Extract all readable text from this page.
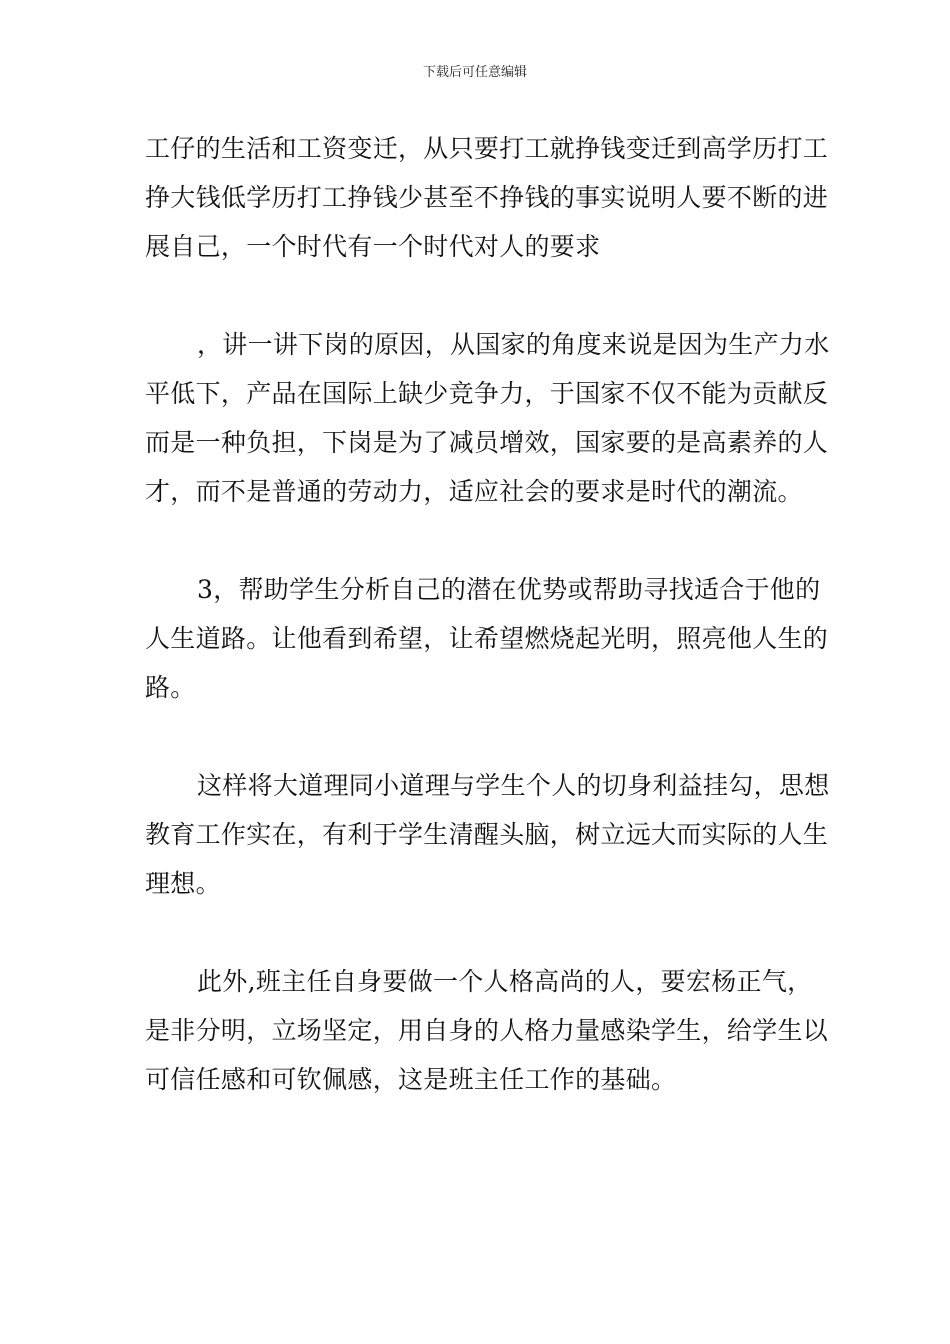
下载后可任意编辑

工仔的生活和工资变迁，从只要打工就挣钱变迁到高学历打工挣大钱低学历打工挣钱少甚至不挣钱的事实说明人要不断的进展自己，一个时代有一个时代对人的要求

，讲一讲下岗的原因，从国家的角度来说是因为生产力水平低下，产品在国际上缺少竞争力，于国家不仅不能为贡献反而是一种负担，下岗是为了减员增效，国家要的是高素养的人才，而不是普通的劳动力，适应社会的要求是时代的潮流。

3，帮助学生分析自己的潜在优势或帮助寻找适合于他的人生道路。让他看到希望，让希望燃烧起光明，照亮他人生的路。

这样将大道理同小道理与学生个人的切身利益挂勾，思想教育工作实在，有利于学生清醒头脑，树立远大而实际的人生理想。

此外,班主任自身要做一个人格高尚的人，要宏杨正气，是非分明，立场坚定，用自身的人格力量感染学生，给学生以可信任感和可钦佩感，这是班主任工作的基础。
